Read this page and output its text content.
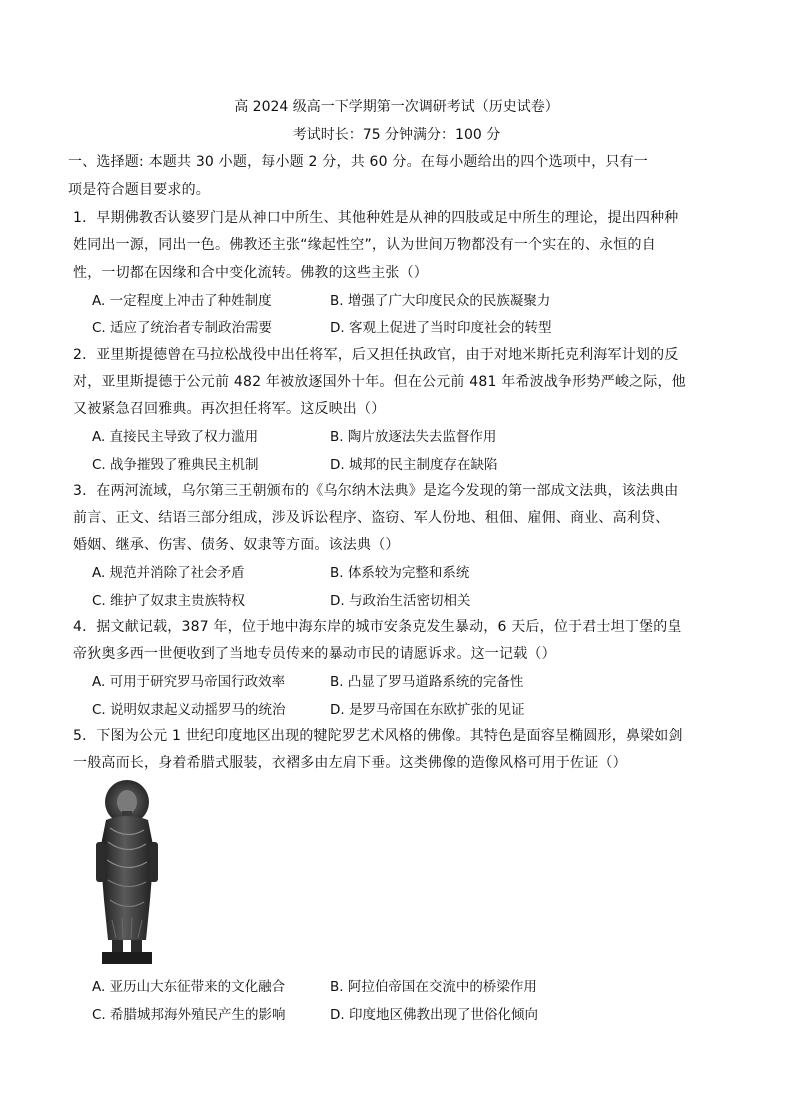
高 2024 级高一下学期第一次调研考试（历史试卷）
考试时长：75 分钟满分：100 分
一、选择题: 本题共 30 小题，每小题 2 分，共 60 分。在每小题给出的四个选项中，只有一
项是符合题目要求的。
1．早期佛教否认婆罗门是从神口中所生、其他种姓是从神的四肢或足中所生的理论，提出四种种
姓同出一源，同出一色。佛教还主张“缘起性空”，认为世间万物都没有一个实在的、永恒的自
性，一切都在因缘和合中变化流转。佛教的这些主张（）
A. 一定程度上冲击了种姓制度	B. 增强了广大印度民众的民族凝聚力
C. 适应了统治者专制政治需要	D. 客观上促进了当时印度社会的转型
2．亚里斯提德曾在马拉松战役中出任将军，后又担任执政官，由于对地米斯托克利海军计划的反
对，亚里斯提德于公元前 482 年被放逐国外十年。但在公元前 481 年希波战争形势严峻之际，他
又被紧急召回雅典。再次担任将军。这反映出（）
A. 直接民主导致了权力滥用	B. 陶片放逐法失去监督作用
C. 战争摧毁了雅典民主机制	D. 城邦的民主制度存在缺陷
3．在两河流域，乌尔第三王朝颁布的《乌尔纳木法典》是迄今发现的第一部成文法典，该法典由
前言、正文、结语三部分组成，涉及诉讼程序、盗窃、军人份地、租佃、雇佣、商业、高利贷、
婚姻、继承、伤害、债务、奴隶等方面。该法典（）
A. 规范并消除了社会矛盾	B. 体系较为完整和系统
C. 维护了奴隶主贵族特权	D. 与政治生活密切相关
4．据文献记载，387 年，位于地中海东岸的城市安条克发生暴动，6 天后，位于君士坦丁堡的皇
帝狄奥多西一世便收到了当地专员传来的暴动市民的请愿诉求。这一记载（）
A. 可用于研究罗马帝国行政效率	B. 凸显了罗马道路系统的完备性
C. 说明奴隶起义动摇罗马的统治	D. 是罗马帝国在东欧扩张的见证
5．下图为公元 1 世纪印度地区出现的犍陀罗艺术风格的佛像。其特色是面容呈椭圆形，鼻梁如剑
一般高而长，身着希腊式服装，衣褶多由左肩下垂。这类佛像的造像风格可用于佐证（）
A. 亚历山大东征带来的文化融合	B. 阿拉伯帝国在交流中的桥梁作用
C. 希腊城邦海外殖民产生的影响	D. 印度地区佛教出现了世俗化倾向
